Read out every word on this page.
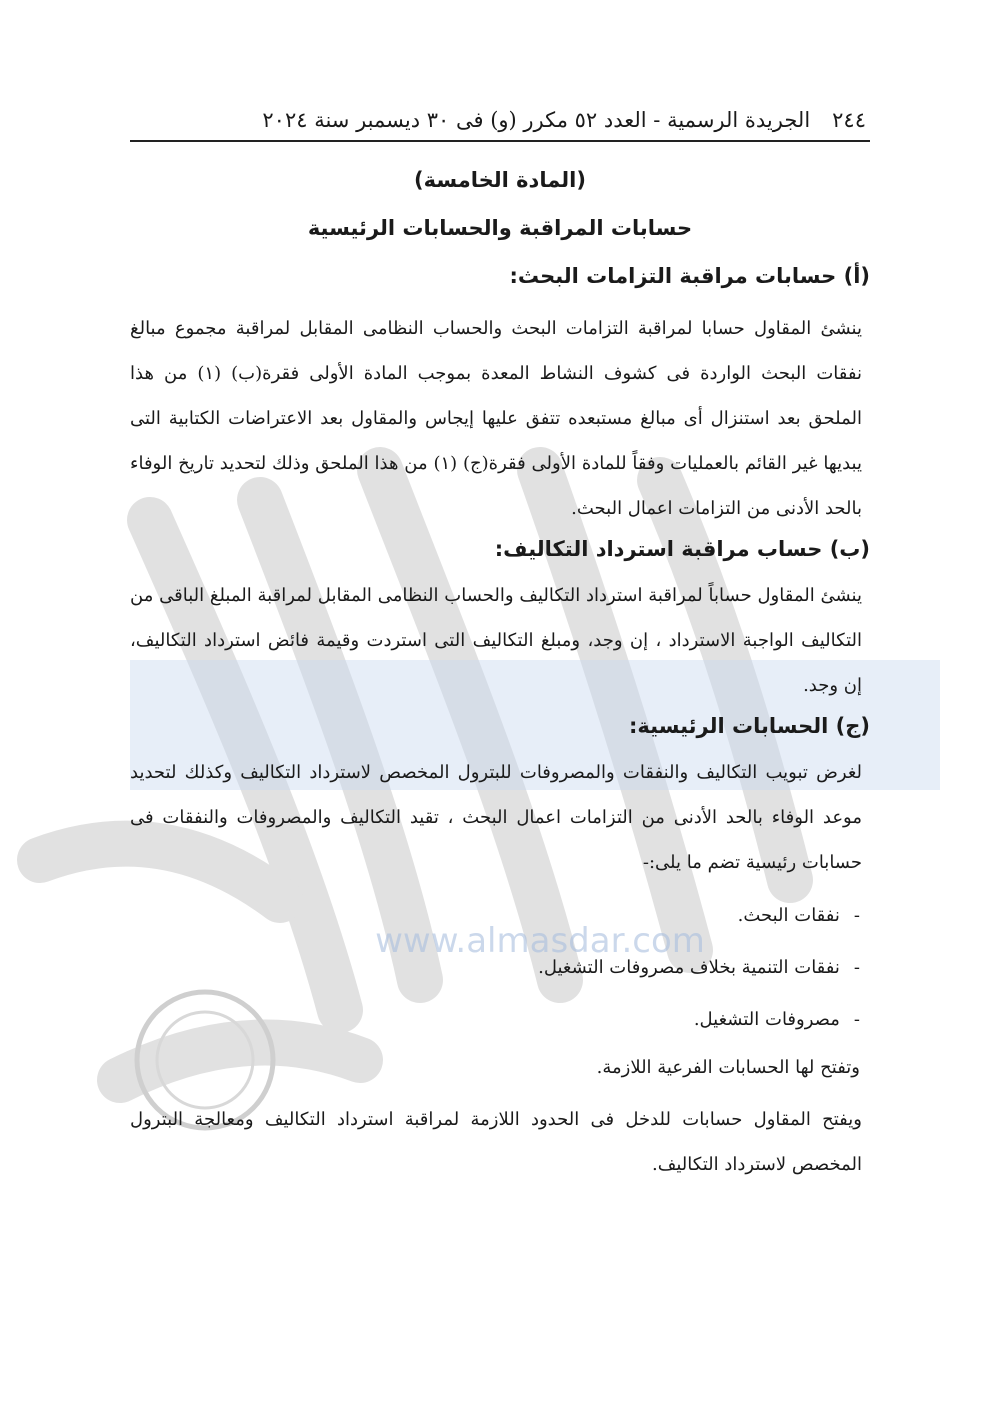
www.almasdar.com
٢٤٤
الجريدة الرسمية - العدد ٥٢ مكرر (و) فى ٣٠ ديسمبر سنة ٢٠٢٤

(المادة الخامسة)

حسابات المراقبة والحسابات الرئيسية

(أ) حسابات مراقبة التزامات البحث:

ينشئ المقاول حسابا لمراقبة التزامات البحث والحساب النظامى المقابل لمراقبة مجموع مبالغ نفقات البحث الواردة فى كشوف النشاط المعدة بموجب المادة الأولى فقرة(ب) (١) من هذا الملحق بعد استنزال أى مبالغ مستبعده تتفق عليها إيجاس والمقاول بعد الاعتراضات الكتابية التى يبديها غير القائم بالعمليات وفقاً للمادة الأولى فقرة(ج) (١) من هذا الملحق وذلك لتحديد تاريخ الوفاء بالحد الأدنى من التزامات اعمال البحث.

(ب) حساب مراقبة استرداد التكاليف:

ينشئ المقاول حساباً لمراقبة استرداد التكاليف والحساب النظامى المقابل لمراقبة المبلغ الباقى من التكاليف الواجبة الاسترداد ، إن وجد، ومبلغ التكاليف التى استردت وقيمة فائض استرداد التكاليف، إن وجد.

(ج) الحسابات الرئيسية:

لغرض تبويب التكاليف والنفقات والمصروفات للبترول المخصص لاسترداد التكاليف وكذلك لتحديد موعد الوفاء بالحد الأدنى من التزامات اعمال البحث ، تقيد التكاليف والمصروفات والنفقات فى حسابات رئيسية تضم ما يلى:-

-نفقات البحث.

-نفقات التنمية بخلاف مصروفات التشغيل.

-مصروفات التشغيل.

وتفتح لها الحسابات الفرعية اللازمة.

ويفتح المقاول حسابات للدخل فى الحدود اللازمة لمراقبة استرداد التكاليف ومعالجة البترول المخصص لاسترداد التكاليف.
